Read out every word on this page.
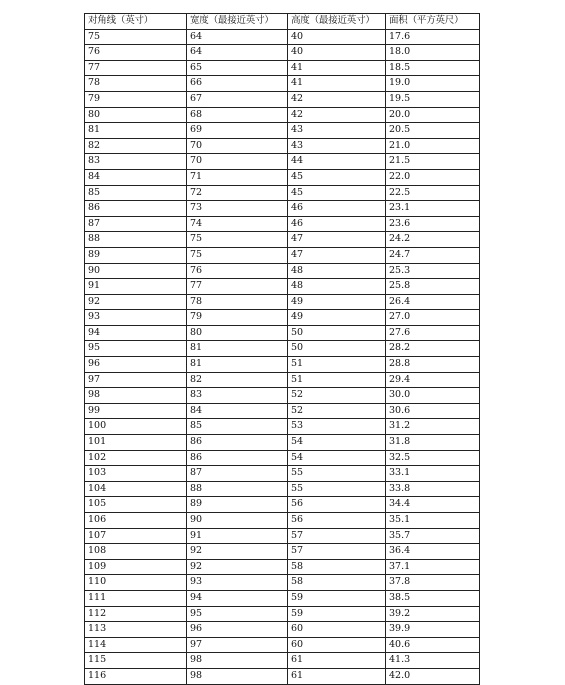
对角线（英寸）	宽度（最接近英寸）	高度（最接近英寸）	面积（平方英尺）
75	64	40	17.6
76	64	40	18.0
77	65	41	18.5
78	66	41	19.0
79	67	42	19.5
80	68	42	20.0
81	69	43	20.5
82	70	43	21.0
83	70	44	21.5
84	71	45	22.0
85	72	45	22.5
86	73	46	23.1
87	74	46	23.6
88	75	47	24.2
89	75	47	24.7
90	76	48	25.3
91	77	48	25.8
92	78	49	26.4
93	79	49	27.0
94	80	50	27.6
95	81	50	28.2
96	81	51	28.8
97	82	51	29.4
98	83	52	30.0
99	84	52	30.6
100	85	53	31.2
101	86	54	31.8
102	86	54	32.5
103	87	55	33.1
104	88	55	33.8
105	89	56	34.4
106	90	56	35.1
107	91	57	35.7
108	92	57	36.4
109	92	58	37.1
110	93	58	37.8
111	94	59	38.5
112	95	59	39.2
113	96	60	39.9
114	97	60	40.6
115	98	61	41.3
116	98	61	42.0
